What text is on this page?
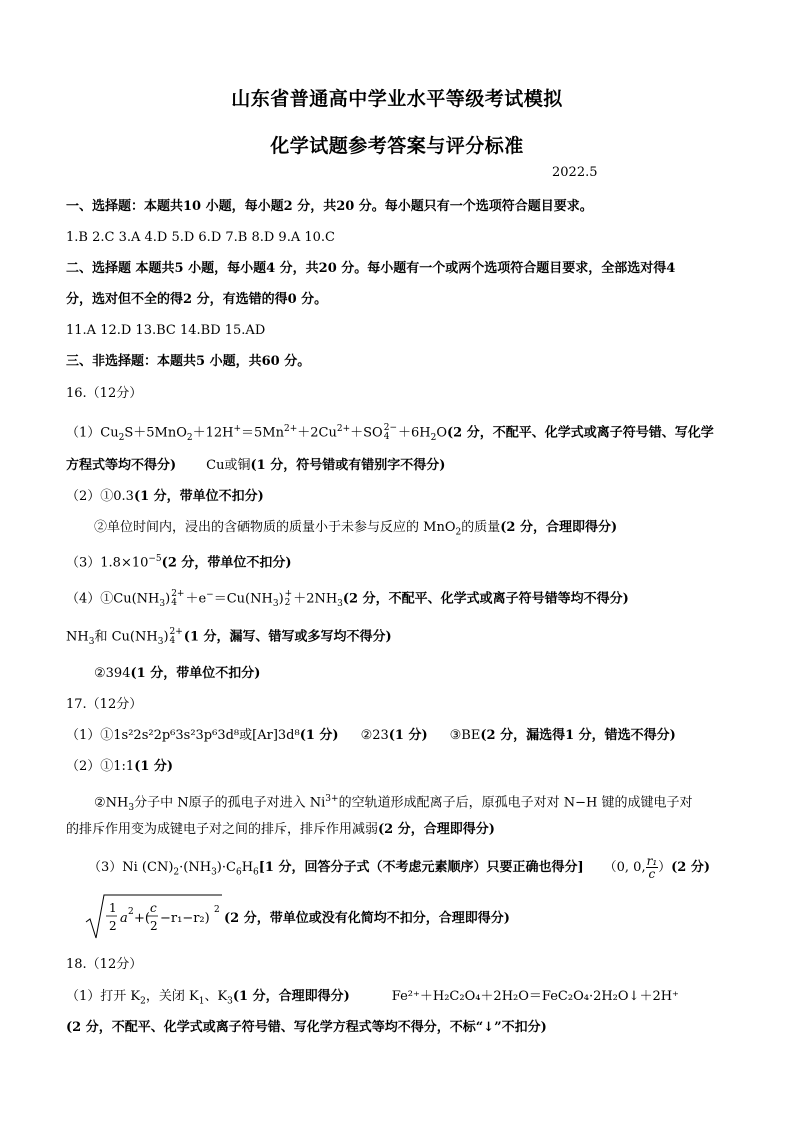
山东省普通高中学业水平等级考试模拟
化学试题参考答案与评分标准
2022.5
一、选择题：本题共10 小题，每小题2 分，共20 分。每小题只有一个选项符合题目要求。
1.B 2.C 3.A 4.D 5.D 6.D 7.B 8.D 9.A 10.C
二、选择题 本题共5 小题，每小题4 分，共20 分。每小题有一个或两个选项符合题目要求，全部选对得4
分，选对但不全的得2 分，有选错的得0 分。
11.A 12.D 13.BC 14.BD 15.AD
三、非选择题：本题共5 小题，共60 分。
16.（12分）
$(1)Cu_2S+5MnO_2+12H^+=5Mn^{2+}+2Cu^{2+}+SO$ 2−
$4 +6H_2O(2$ 分，不配平、化学式或离子符号错、写化学
方程式等均不得分) Cu或铜(1 分，符号错或有错别字不得分)
（2）①0.3(1 分，带单位不扣分)
②单位时间内，浸出的含硒物质的质量小于未参与反应的 MnO$_2$的质量(2 分，合理即得分)
$(3)1.8\times 10^{-5}(2$ 分，带单位不扣分)
$(4)①Cu(NH_3)$ 2+
$4 +e^-=Cu(NH_3)$ +
$2 +2NH_3(2$ 分，不配平、化学式或离子符号错等均不得分)
$NH_3$和 $Cu(NH_3)$ 2+
4 (1 分，漏写、错写或多写均不得分)
②394(1 分，带单位不扣分)
17.（12分）
（1）①1s²2s²2p⁶3s²3p⁶3d⁸或[Ar]3d⁸(1 分) ②23(1 分) ③BE(2 分，漏选得1 分，错选不得分)
（2）①1:1(1 分)
$②NH_3$分子中 N原子的孤电子对进入 $Ni^{3+}$的空轨道形成配离子后，原孤电子对对 N−H 键的成键电子对
的排斥作用变为成键电子对之间的排斥，排斥作用减弱(2 分，合理即得分)
（3）Ni $(CN)_2\cdot(NH_3)\cdot C_6H_6[1$ 分，回答分子式（不考虑元素顺序）只要正确也得分] （0, 0, $\frac{\text{r₁}}{c} )(2$ 分)
1
2 a 2 +(
c
2 −r₁−r₂)
2
(2 分，带单位或没有化简均不扣分，合理即得分)
18.（12分）
（1）打开 $K_2$，关闭 $K_1$、$K_3(1$ 分，合理即得分)	Fe²⁺＋H₂C₂O₄＋2H₂O＝FeC₂O₄·2H₂O↓＋2H⁺
(2 分，不配平、化学式或离子符号错、写化学方程式等均不得分，不标“↓”不扣分)
